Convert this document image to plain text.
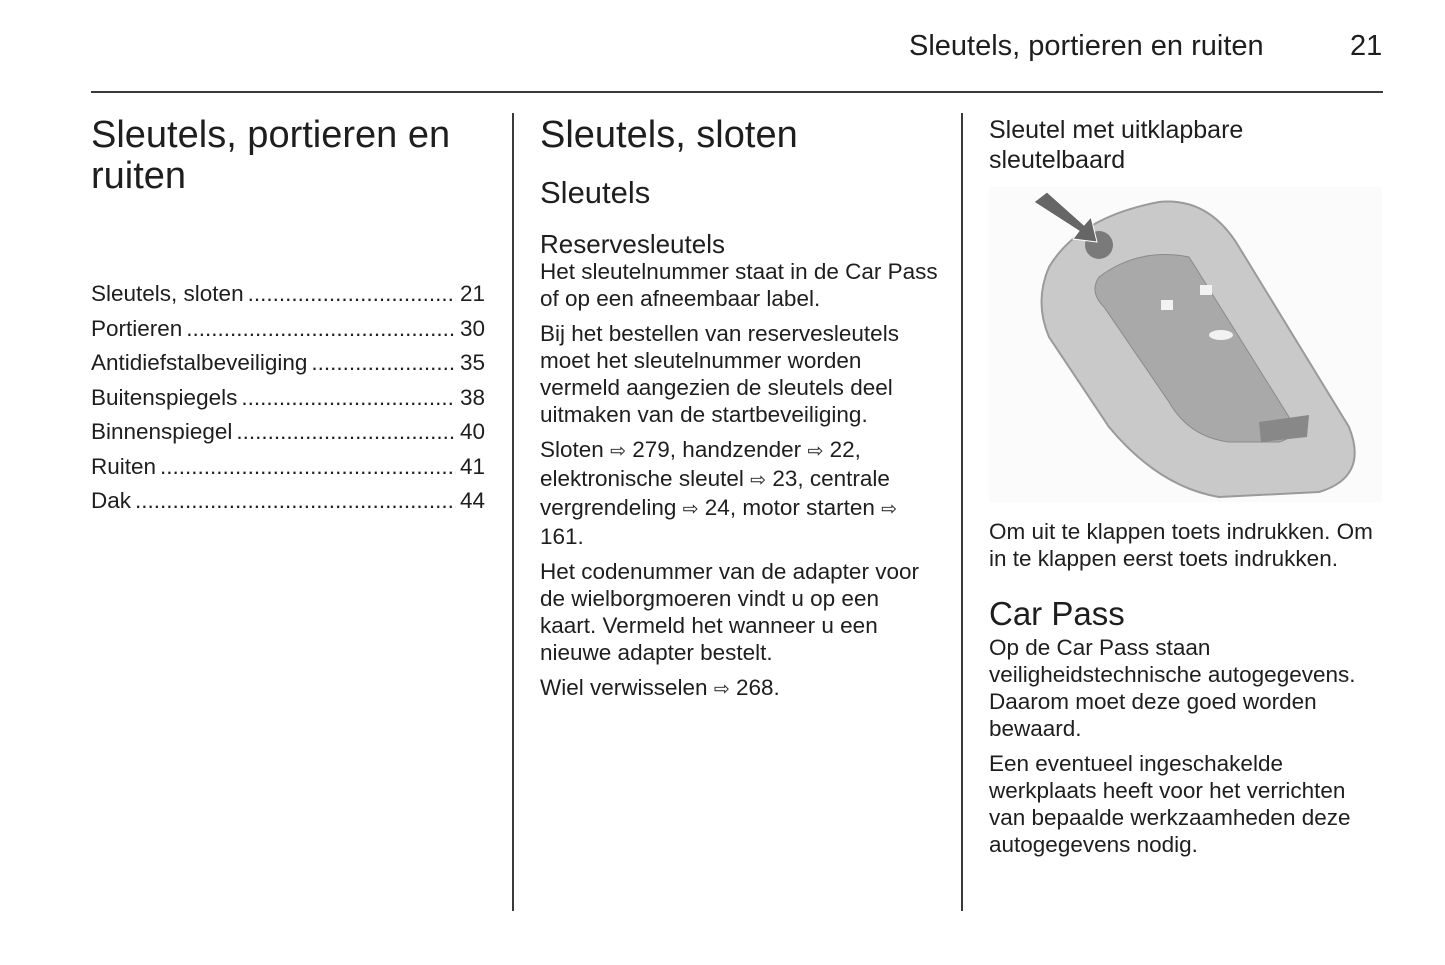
Sleutels, portieren en ruiten	21
Sleutels, portieren en ruiten
Sleutels, sloten .....	21
Portieren .....	30
Antidiefstalbeveiliging .....	35
Buitenspiegels .....	38
Binnenspiegel .....	40
Ruiten .....	41
Dak .....	44
Sleutels, sloten
Sleutels
Reservesleutels

Het sleutelnummer staat in de Car Pass of op een afneembaar label.

Bij het bestellen van reservesleutels moet het sleutelnummer worden vermeld aangezien de sleutels deel uitmaken van de startbeveiliging.

Sloten ⇨ 279, handzender ⇨ 22, elektronische sleutel ⇨ 23, centrale vergrendeling ⇨ 24, motor starten ⇨ 161.

Het codenummer van de adapter voor de wielborgmoeren vindt u op een kaart. Vermeld het wanneer u een nieuwe adapter bestelt.

Wiel verwisselen ⇨ 268.

Sleutel met uitklapbare sleutelbaard

Om uit te klappen toets indrukken. Om in te klappen eerst toets indrukken.

Car Pass

Op de Car Pass staan veiligheidstechnische autogegevens. Daarom moet deze goed worden bewaard.

Een eventueel ingeschakelde werkplaats heeft voor het verrichten van bepaalde werkzaamheden deze autogegevens nodig.
